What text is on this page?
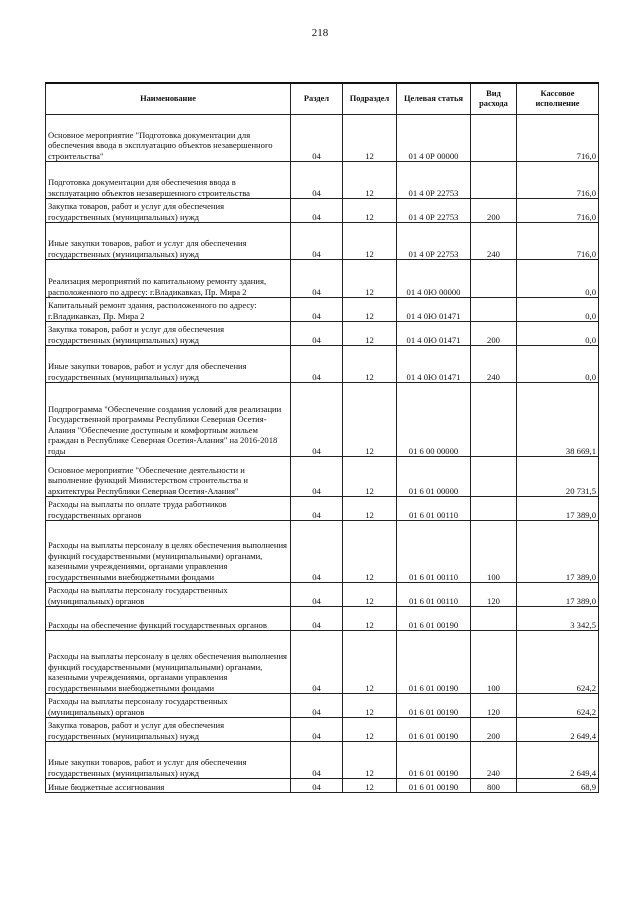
218
Наименование	Раздел	Подраздел	Целевая статья	Вид расхода	Кассовое исполнение
Основное мероприятие "Подготовка документации для обеспечения ввода в эксплуатацию объектов незавершенного строительства"	04	12	01 4 0Р 00000		716,0
Подготовка документации для обеспечения ввода в эксплуатацию объектов незавершенного строительства	04	12	01 4 0Р 22753		716,0
Закупка товаров, работ и услуг для обеспечения государственных (муниципальных) нужд	04	12	01 4 0Р 22753	200	716,0
Иные закупки товаров, работ и услуг для обеспечения государственных (муниципальных) нужд	04	12	01 4 0Р 22753	240	716,0
Реализация мероприятий по капитальному ремонту здания, расположенного по адресу: г.Владикавказ, Пр. Мира 2	04	12	01 4 0Ю 00000		0,0
Капитальный ремонт здания, расположенного по адресу: г.Владикавказ, Пр. Мира 2	04	12	01 4 0Ю 01471		0,0
Закупка товаров, работ и услуг для обеспечения государственных (муниципальных) нужд	04	12	01 4 0Ю 01471	200	0,0
Иные закупки товаров, работ и услуг для обеспечения государственных (муниципальных) нужд	04	12	01 4 0Ю 01471	240	0,0
Подпрограмма "Обеспечение создания условий для реализации Государственной программы Республики Северная Осетия-Алания "Обеспечение доступным и комфортным жильем граждан в Республике Северная Осетия-Алания" на 2016-2018 годы	04	12	01 6 00 00000		38 669,1
Основное мероприятие "Обеспечение деятельности и выполнение функций Министерством строительства и архитектуры Республики Северная Осетия-Алания"	04	12	01 6 01 00000		20 731,5
Расходы на выплаты по оплате труда работников государственных органов	04	12	01 6 01 00110		17 389,0
Расходы на выплаты персоналу в целях обеспечения выполнения функций государственными (муниципальными) органами, казенными учреждениями, органами управления государственными внебюджетными фондами	04	12	01 6 01 00110	100	17 389,0
Расходы на выплаты персоналу государственных (муниципальных) органов	04	12	01 6 01 00110	120	17 389,0
Расходы на обеспечение функций государственных органов	04	12	01 6 01 00190		3 342,5
Расходы на выплаты персоналу в целях обеспечения выполнения функций государственными (муниципальными) органами, казенными учреждениями, органами управления государственными внебюджетными фондами	04	12	01 6 01 00190	100	624,2
Расходы на выплаты персоналу государственных (муниципальных) органов	04	12	01 6 01 00190	120	624,2
Закупка товаров, работ и услуг для обеспечения государственных (муниципальных) нужд	04	12	01 6 01 00190	200	2 649,4
Иные закупки товаров, работ и услуг для обеспечения государственных (муниципальных) нужд	04	12	01 6 01 00190	240	2 649,4
Иные бюджетные ассигнования	04	12	01 6 01 00190	800	68,9
